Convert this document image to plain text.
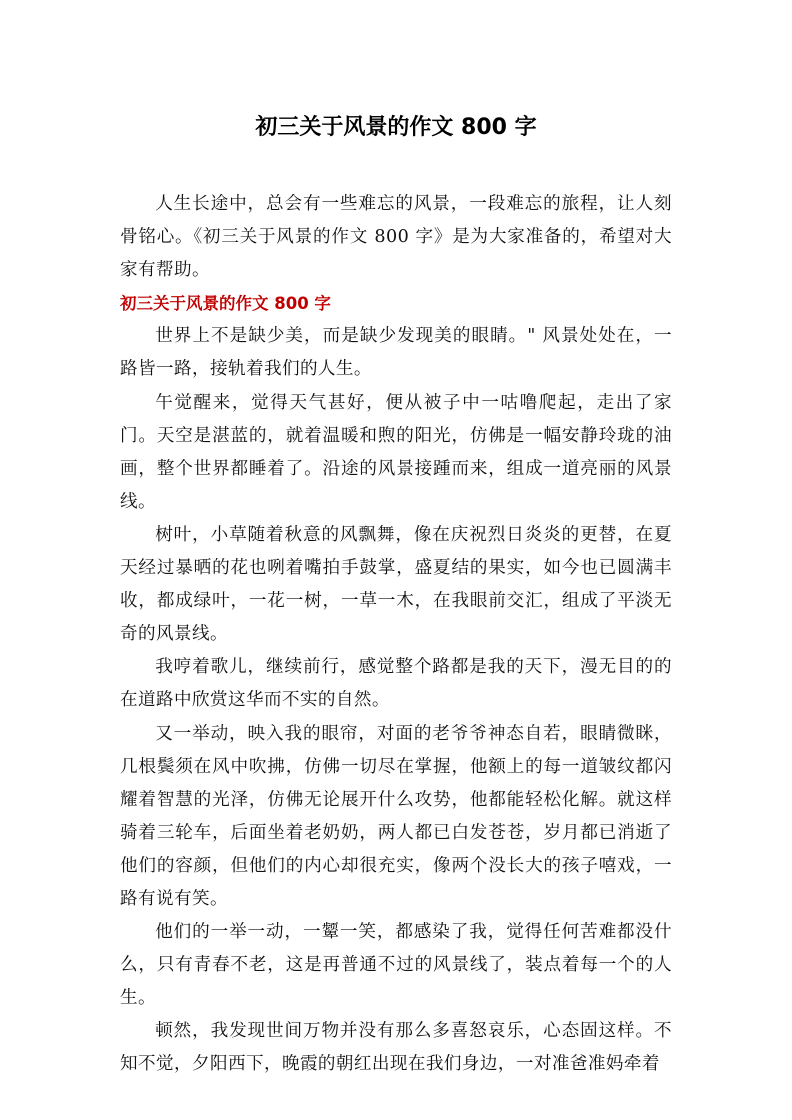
初三关于风景的作文 800 字

人生长途中，总会有一些难忘的风景，一段难忘的旅程，让人刻骨铭心。《初三关于风景的作文 800 字》是为大家准备的，希望对大家有帮助。

初三关于风景的作文 800 字

世界上不是缺少美，而是缺少发现美的眼睛。" 风景处处在，一路皆一路，接轨着我们的人生。

午觉醒来，觉得天气甚好，便从被子中一咕噜爬起，走出了家门。天空是湛蓝的，就着温暖和煦的阳光，仿佛是一幅安静玲珑的油画，整个世界都睡着了。沿途的风景接踵而来，组成一道亮丽的风景线。

树叶，小草随着秋意的风飘舞，像在庆祝烈日炎炎的更替，在夏天经过暴晒的花也咧着嘴拍手鼓掌，盛夏结的果实，如今也已圆满丰收，都成绿叶，一花一树，一草一木，在我眼前交汇，组成了平淡无奇的风景线。

我哼着歌儿，继续前行，感觉整个路都是我的天下，漫无目的的在道路中欣赏这华而不实的自然。

又一举动，映入我的眼帘，对面的老爷爷神态自若，眼睛微眯，几根鬓须在风中吹拂，仿佛一切尽在掌握，他额上的每一道皱纹都闪耀着智慧的光泽，仿佛无论展开什么攻势，他都能轻松化解。就这样骑着三轮车，后面坐着老奶奶，两人都已白发苍苍，岁月都已消逝了他们的容颜，但他们的内心却很充实，像两个没长大的孩子嘻戏，一路有说有笑。

他们的一举一动，一颦一笑，都感染了我，觉得任何苦难都没什么，只有青春不老，这是再普通不过的风景线了，装点着每一个的人生。

顿然，我发现世间万物并没有那么多喜怒哀乐，心态固这样。不知不觉，夕阳西下，晚霞的朝红出现在我们身边，一对准爸准妈牵着
